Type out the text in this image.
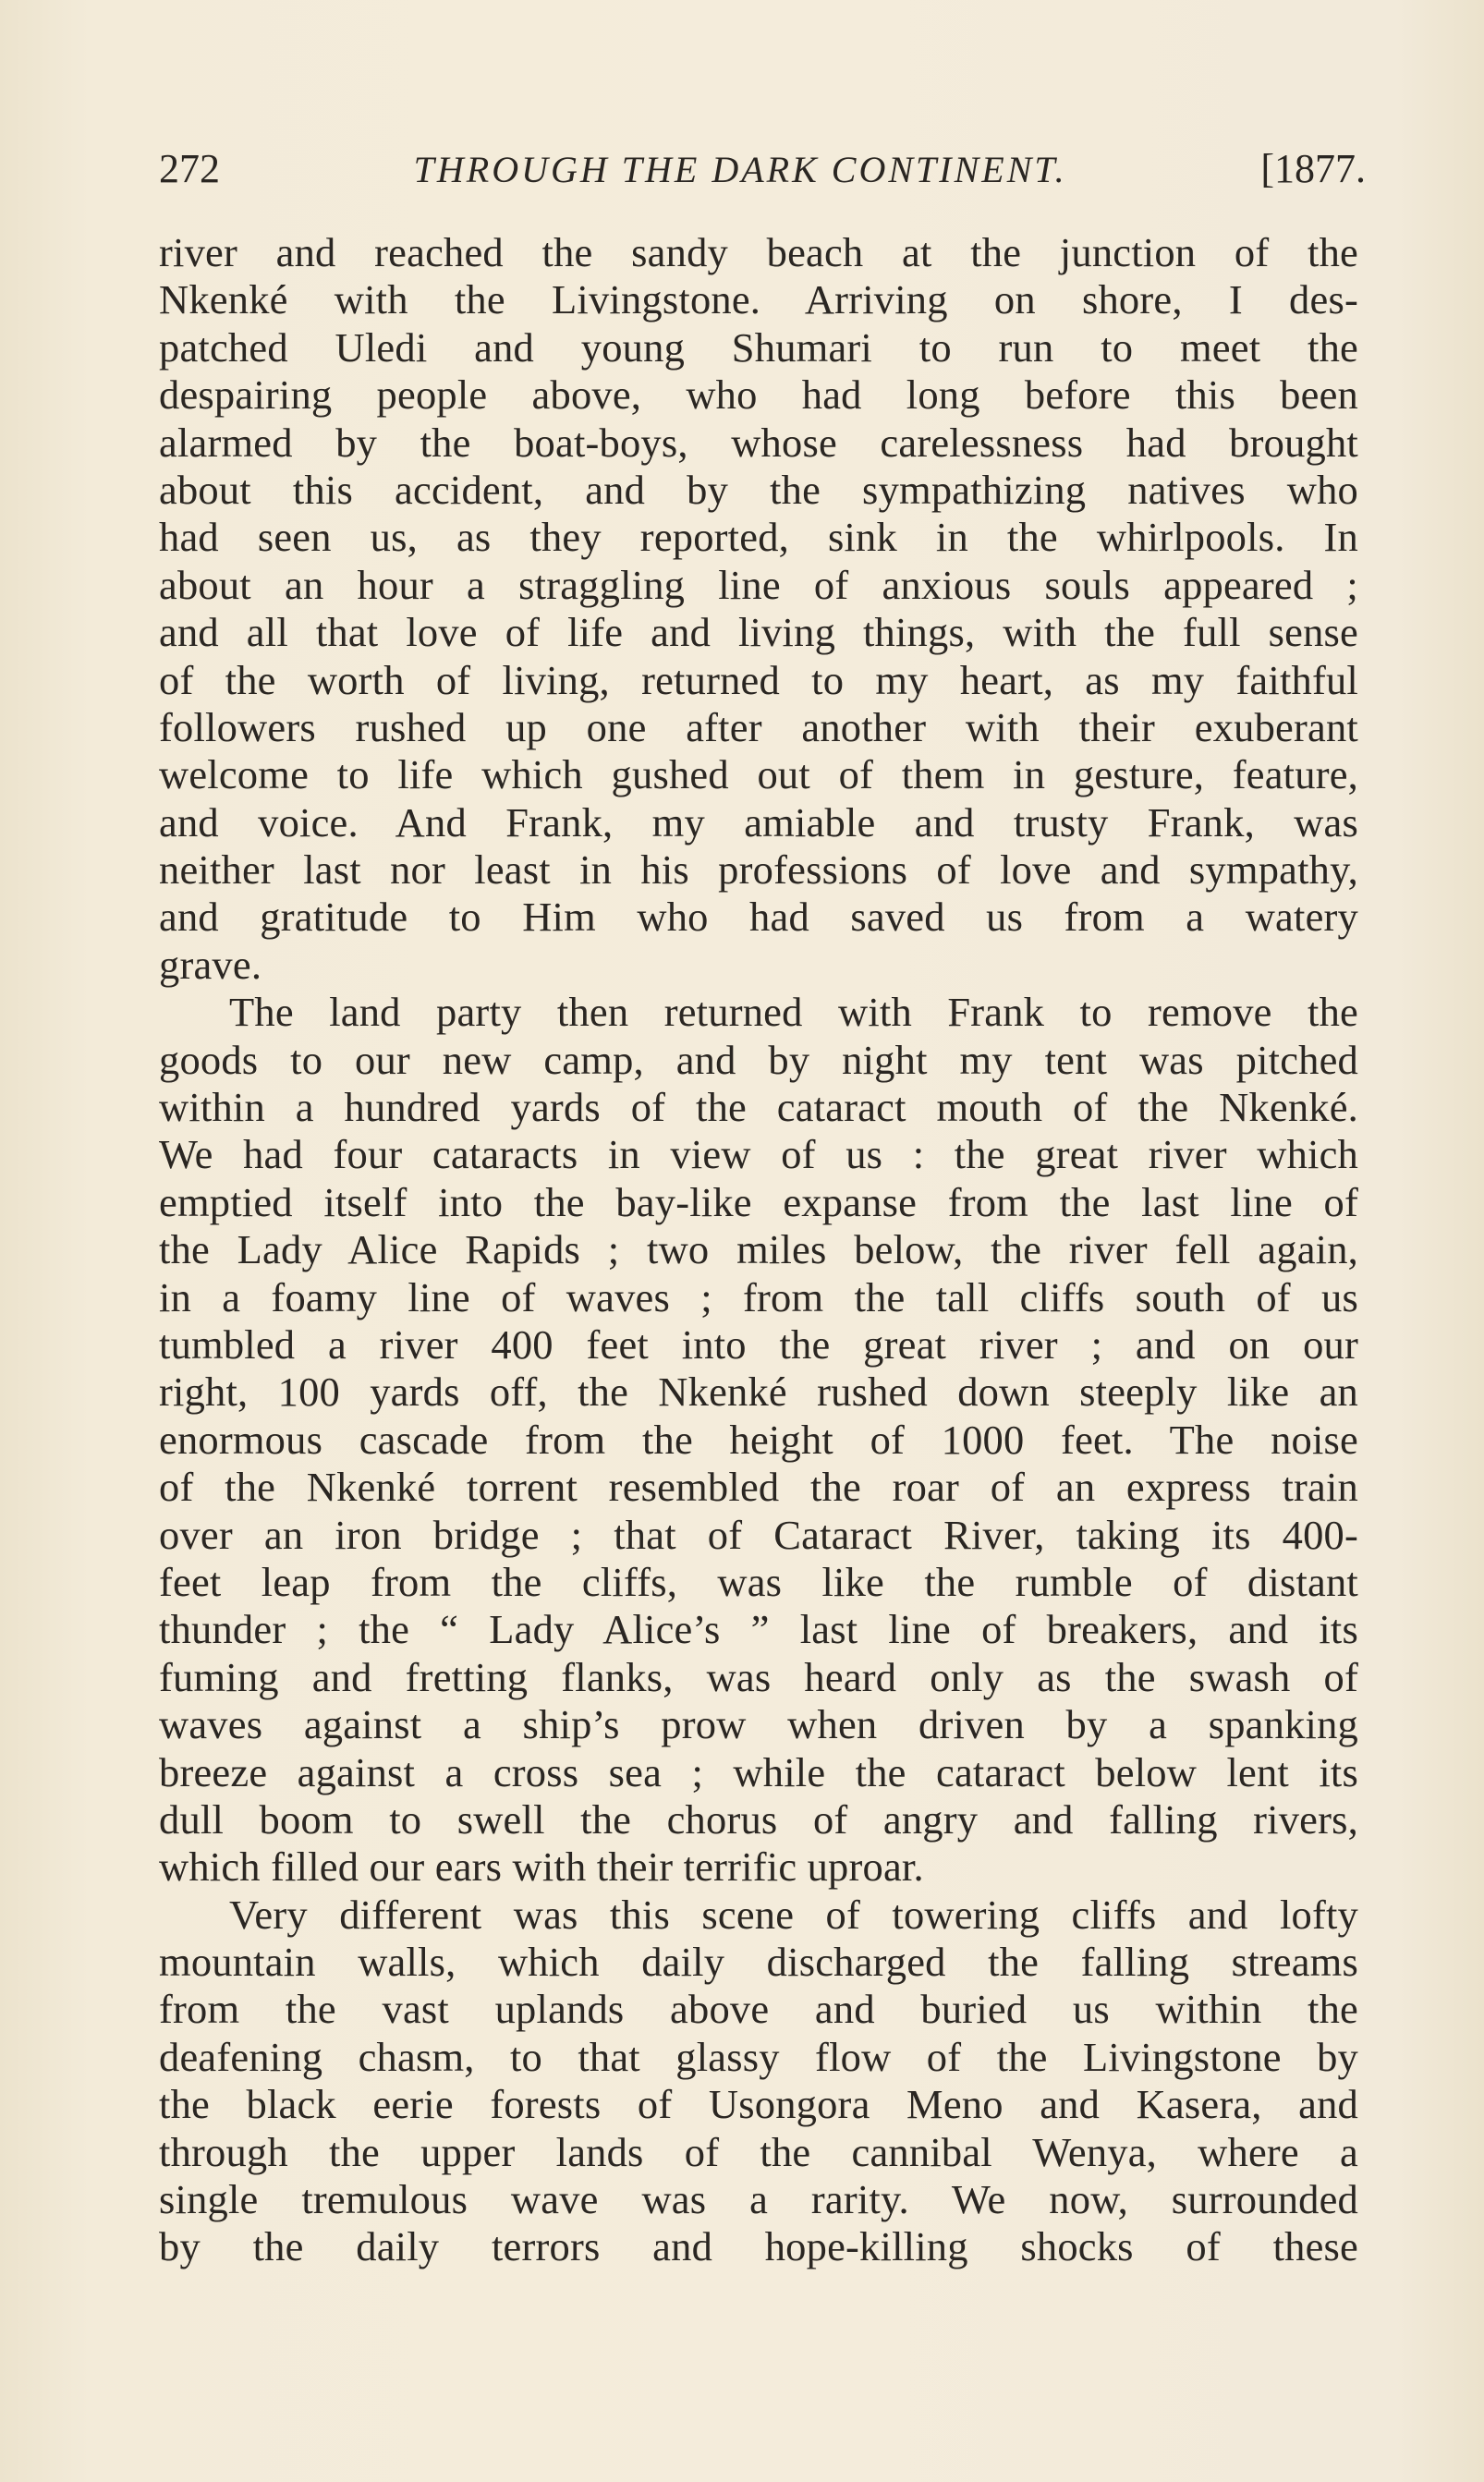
272	THROUGH THE DARK CONTINENT.	[1877.
river and reached the sandy beach at the junction of the
Nkenké with the Livingstone. Arriving on shore, I des-
patched Uledi and young Shumari to run to meet the
despairing people above, who had long before this been
alarmed by the boat-boys, whose carelessness had brought
about this accident, and by the sympathizing natives who
had seen us, as they reported, sink in the whirlpools. In
about an hour a straggling line of anxious souls appeared ;
and all that love of life and living things, with the full sense
of the worth of living, returned to my heart, as my faithful
followers rushed up one after another with their exuberant
welcome to life which gushed out of them in gesture, feature,
and voice. And Frank, my amiable and trusty Frank, was
neither last nor least in his professions of love and sympathy,
and gratitude to Him who had saved us from a watery
grave.
The land party then returned with Frank to remove the
goods to our new camp, and by night my tent was pitched
within a hundred yards of the cataract mouth of the Nkenké.
We had four cataracts in view of us : the great river which
emptied itself into the bay-like expanse from the last line of
the Lady Alice Rapids ; two miles below, the river fell again,
in a foamy line of waves ; from the tall cliffs south of us
tumbled a river 400 feet into the great river ; and on our
right, 100 yards off, the Nkenké rushed down steeply like an
enormous cascade from the height of 1000 feet. The noise
of the Nkenké torrent resembled the roar of an express train
over an iron bridge ; that of Cataract River, taking its 400-
feet leap from the cliffs, was like the rumble of distant
thunder ; the “ Lady Alice’s ” last line of breakers, and its
fuming and fretting flanks, was heard only as the swash of
waves against a ship’s prow when driven by a spanking
breeze against a cross sea ; while the cataract below lent its
dull boom to swell the chorus of angry and falling rivers,
which filled our ears with their terrific uproar.
Very different was this scene of towering cliffs and lofty
mountain walls, which daily discharged the falling streams
from the vast uplands above and buried us within the
deafening chasm, to that glassy flow of the Livingstone by
the black eerie forests of Usongora Meno and Kasera, and
through the upper lands of the cannibal Wenya, where a
single tremulous wave was a rarity. We now, surrounded
by the daily terrors and hope-killing shocks of these
